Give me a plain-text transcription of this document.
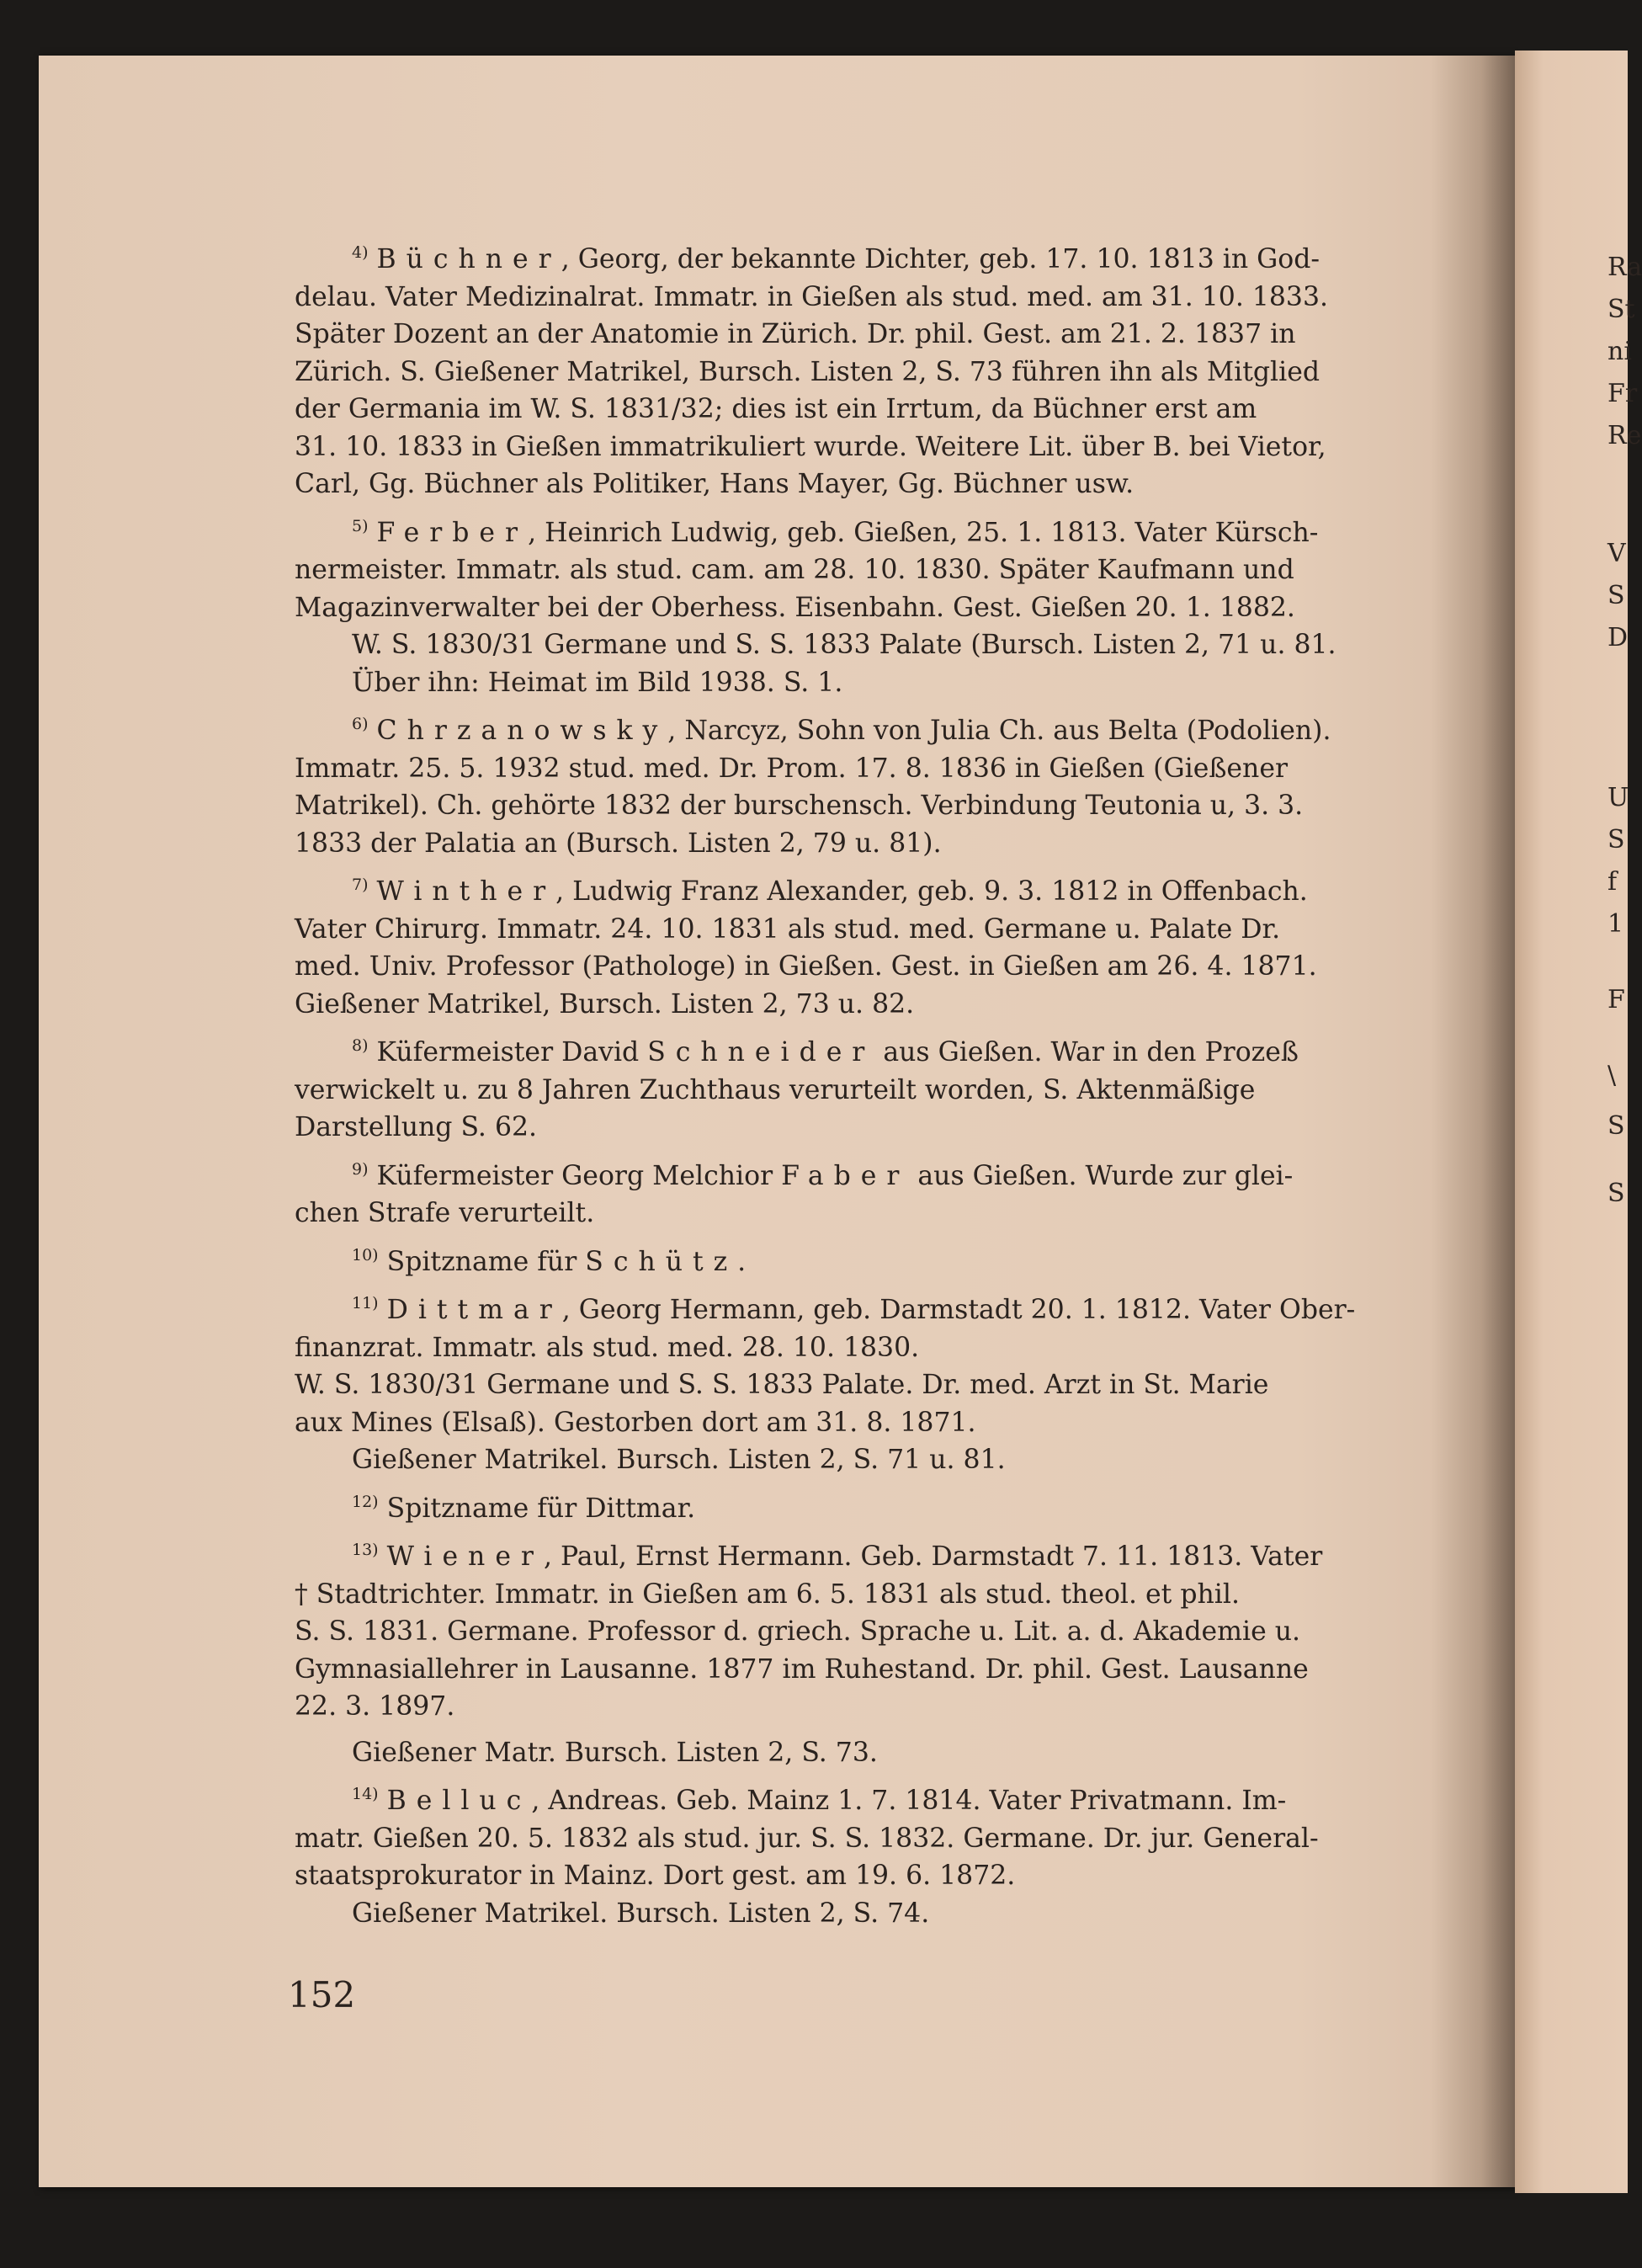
Ra
St
ni
Fr
Re
V
S
D
U
S
f
1
F
\
S
S

$^{4)}$ Büchner, Georg, der bekannte Dichter, geb. 17. 10. 1813 in God-
delau. Vater Medizinalrat. Immatr. in Gießen als stud. med. am 31. 10. 1833.
Später Dozent an der Anatomie in Zürich. Dr. phil. Gest. am 21. 2. 1837 in
Zürich. S. Gießener Matrikel, Bursch. Listen 2, S. 73 führen ihn als Mitglied
der Germania im W. S. 1831/32; dies ist ein Irrtum, da Büchner erst am
31. 10. 1833 in Gießen immatrikuliert wurde. Weitere Lit. über B. bei Vietor,
Carl, Gg. Büchner als Politiker, Hans Mayer, Gg. Büchner usw.

$^{5)}$ Ferber, Heinrich Ludwig, geb. Gießen, 25. 1. 1813. Vater Kürsch-
nermeister. Immatr. als stud. cam. am 28. 10. 1830. Später Kaufmann und
Magazinverwalter bei der Oberhess. Eisenbahn. Gest. Gießen 20. 1. 1882.
W. S. 1830/31 Germane und S. S. 1833 Palate (Bursch. Listen 2, 71 u. 81.
Über ihn: Heimat im Bild 1938. S. 1.

$^{6)}$ Chrzanowsky, Narcyz, Sohn von Julia Ch. aus Belta (Podolien).
Immatr. 25. 5. 1932 stud. med. Dr. Prom. 17. 8. 1836 in Gießen (Gießener
Matrikel). Ch. gehörte 1832 der burschensch. Verbindung Teutonia u, 3. 3.
1833 der Palatia an (Bursch. Listen 2, 79 u. 81).

$^{7)}$ Winther, Ludwig Franz Alexander, geb. 9. 3. 1812 in Offenbach.
Vater Chirurg. Immatr. 24. 10. 1831 als stud. med. Germane u. Palate Dr.
med. Univ. Professor (Pathologe) in Gießen. Gest. in Gießen am 26. 4. 1871.
Gießener Matrikel, Bursch. Listen 2, 73 u. 82.

$^{8)}$ Küfermeister David Schneider aus Gießen. War in den Prozeß
verwickelt u. zu 8 Jahren Zuchthaus verurteilt worden, S. Aktenmäßige
Darstellung S. 62.

$^{9)}$ Küfermeister Georg Melchior Faber aus Gießen. Wurde zur glei-
chen Strafe verurteilt.

$^{10)}$ Spitzname für Schütz.

$^{11)}$ Dittmar, Georg Hermann, geb. Darmstadt 20. 1. 1812. Vater Ober-
finanzrat. Immatr. als stud. med. 28. 10. 1830.
W. S. 1830/31 Germane und S. S. 1833 Palate. Dr. med. Arzt in St. Marie
aux Mines (Elsaß). Gestorben dort am 31. 8. 1871.
Gießener Matrikel. Bursch. Listen 2, S. 71 u. 81.

$^{12)}$ Spitzname für Dittmar.

$^{13)}$ Wiener, Paul, Ernst Hermann. Geb. Darmstadt 7. 11. 1813. Vater
† Stadtrichter. Immatr. in Gießen am 6. 5. 1831 als stud. theol. et phil.
S. S. 1831. Germane. Professor d. griech. Sprache u. Lit. a. d. Akademie u.
Gymnasiallehrer in Lausanne. 1877 im Ruhestand. Dr. phil. Gest. Lausanne
22. 3. 1897.
Gießener Matr. Bursch. Listen 2, S. 73.

$^{14)}$ Belluc, Andreas. Geb. Mainz 1. 7. 1814. Vater Privatmann. Im-
matr. Gießen 20. 5. 1832 als stud. jur. S. S. 1832. Germane. Dr. jur. General-
staatsprokurator in Mainz. Dort gest. am 19. 6. 1872.
Gießener Matrikel. Bursch. Listen 2, S. 74.

152
